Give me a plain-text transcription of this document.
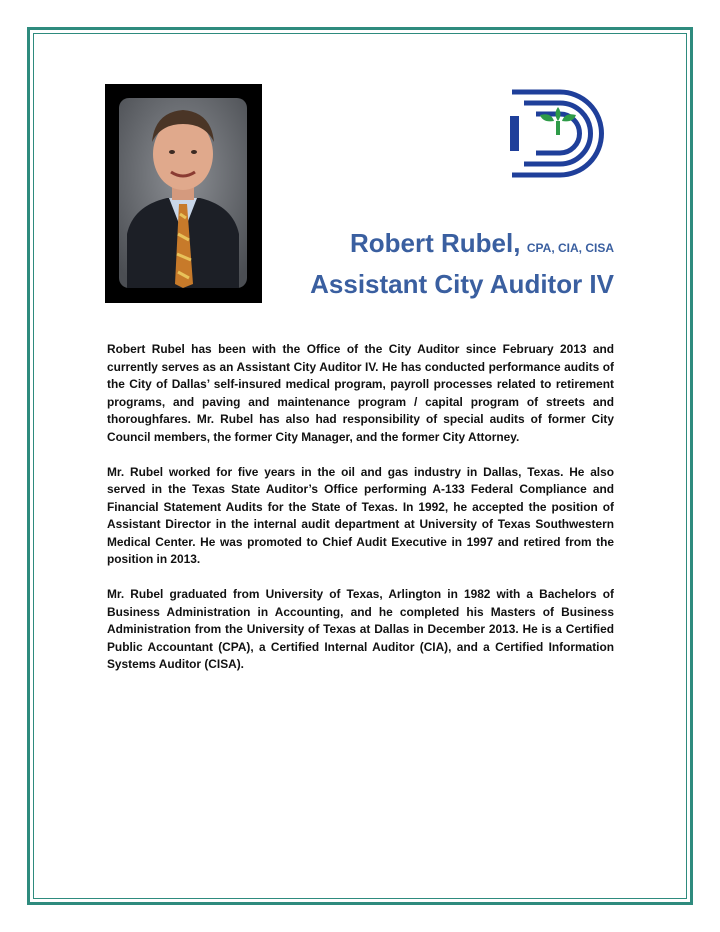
Robert Rubel, CPA, CIA, CISA
Assistant City Auditor IV

Robert Rubel has been with the Office of the City Auditor since February 2013 and currently serves as an Assistant City Auditor IV. He has conducted performance audits of the City of Dallas’ self-insured medical program, payroll processes related to retirement programs, and paving and maintenance program / capital program of streets and thoroughfares. Mr. Rubel has also had responsibility of special audits of former City Council members, the former City Manager, and the former City Attorney.

Mr. Rubel worked for five years in the oil and gas industry in Dallas, Texas. He also served in the Texas State Auditor’s Office performing A-133 Federal Compliance and Financial Statement Audits for the State of Texas. In 1992, he accepted the position of Assistant Director in the internal audit department at University of Texas Southwestern Medical Center. He was promoted to Chief Audit Executive in 1997 and retired from the position in 2013.

Mr. Rubel graduated from University of Texas, Arlington in 1982 with a Bachelors of Business Administration in Accounting, and he completed his Masters of Business Administration from the University of Texas at Dallas in December 2013. He is a Certified Public Accountant (CPA), a Certified Internal Auditor (CIA), and a Certified Information Systems Auditor (CISA).
